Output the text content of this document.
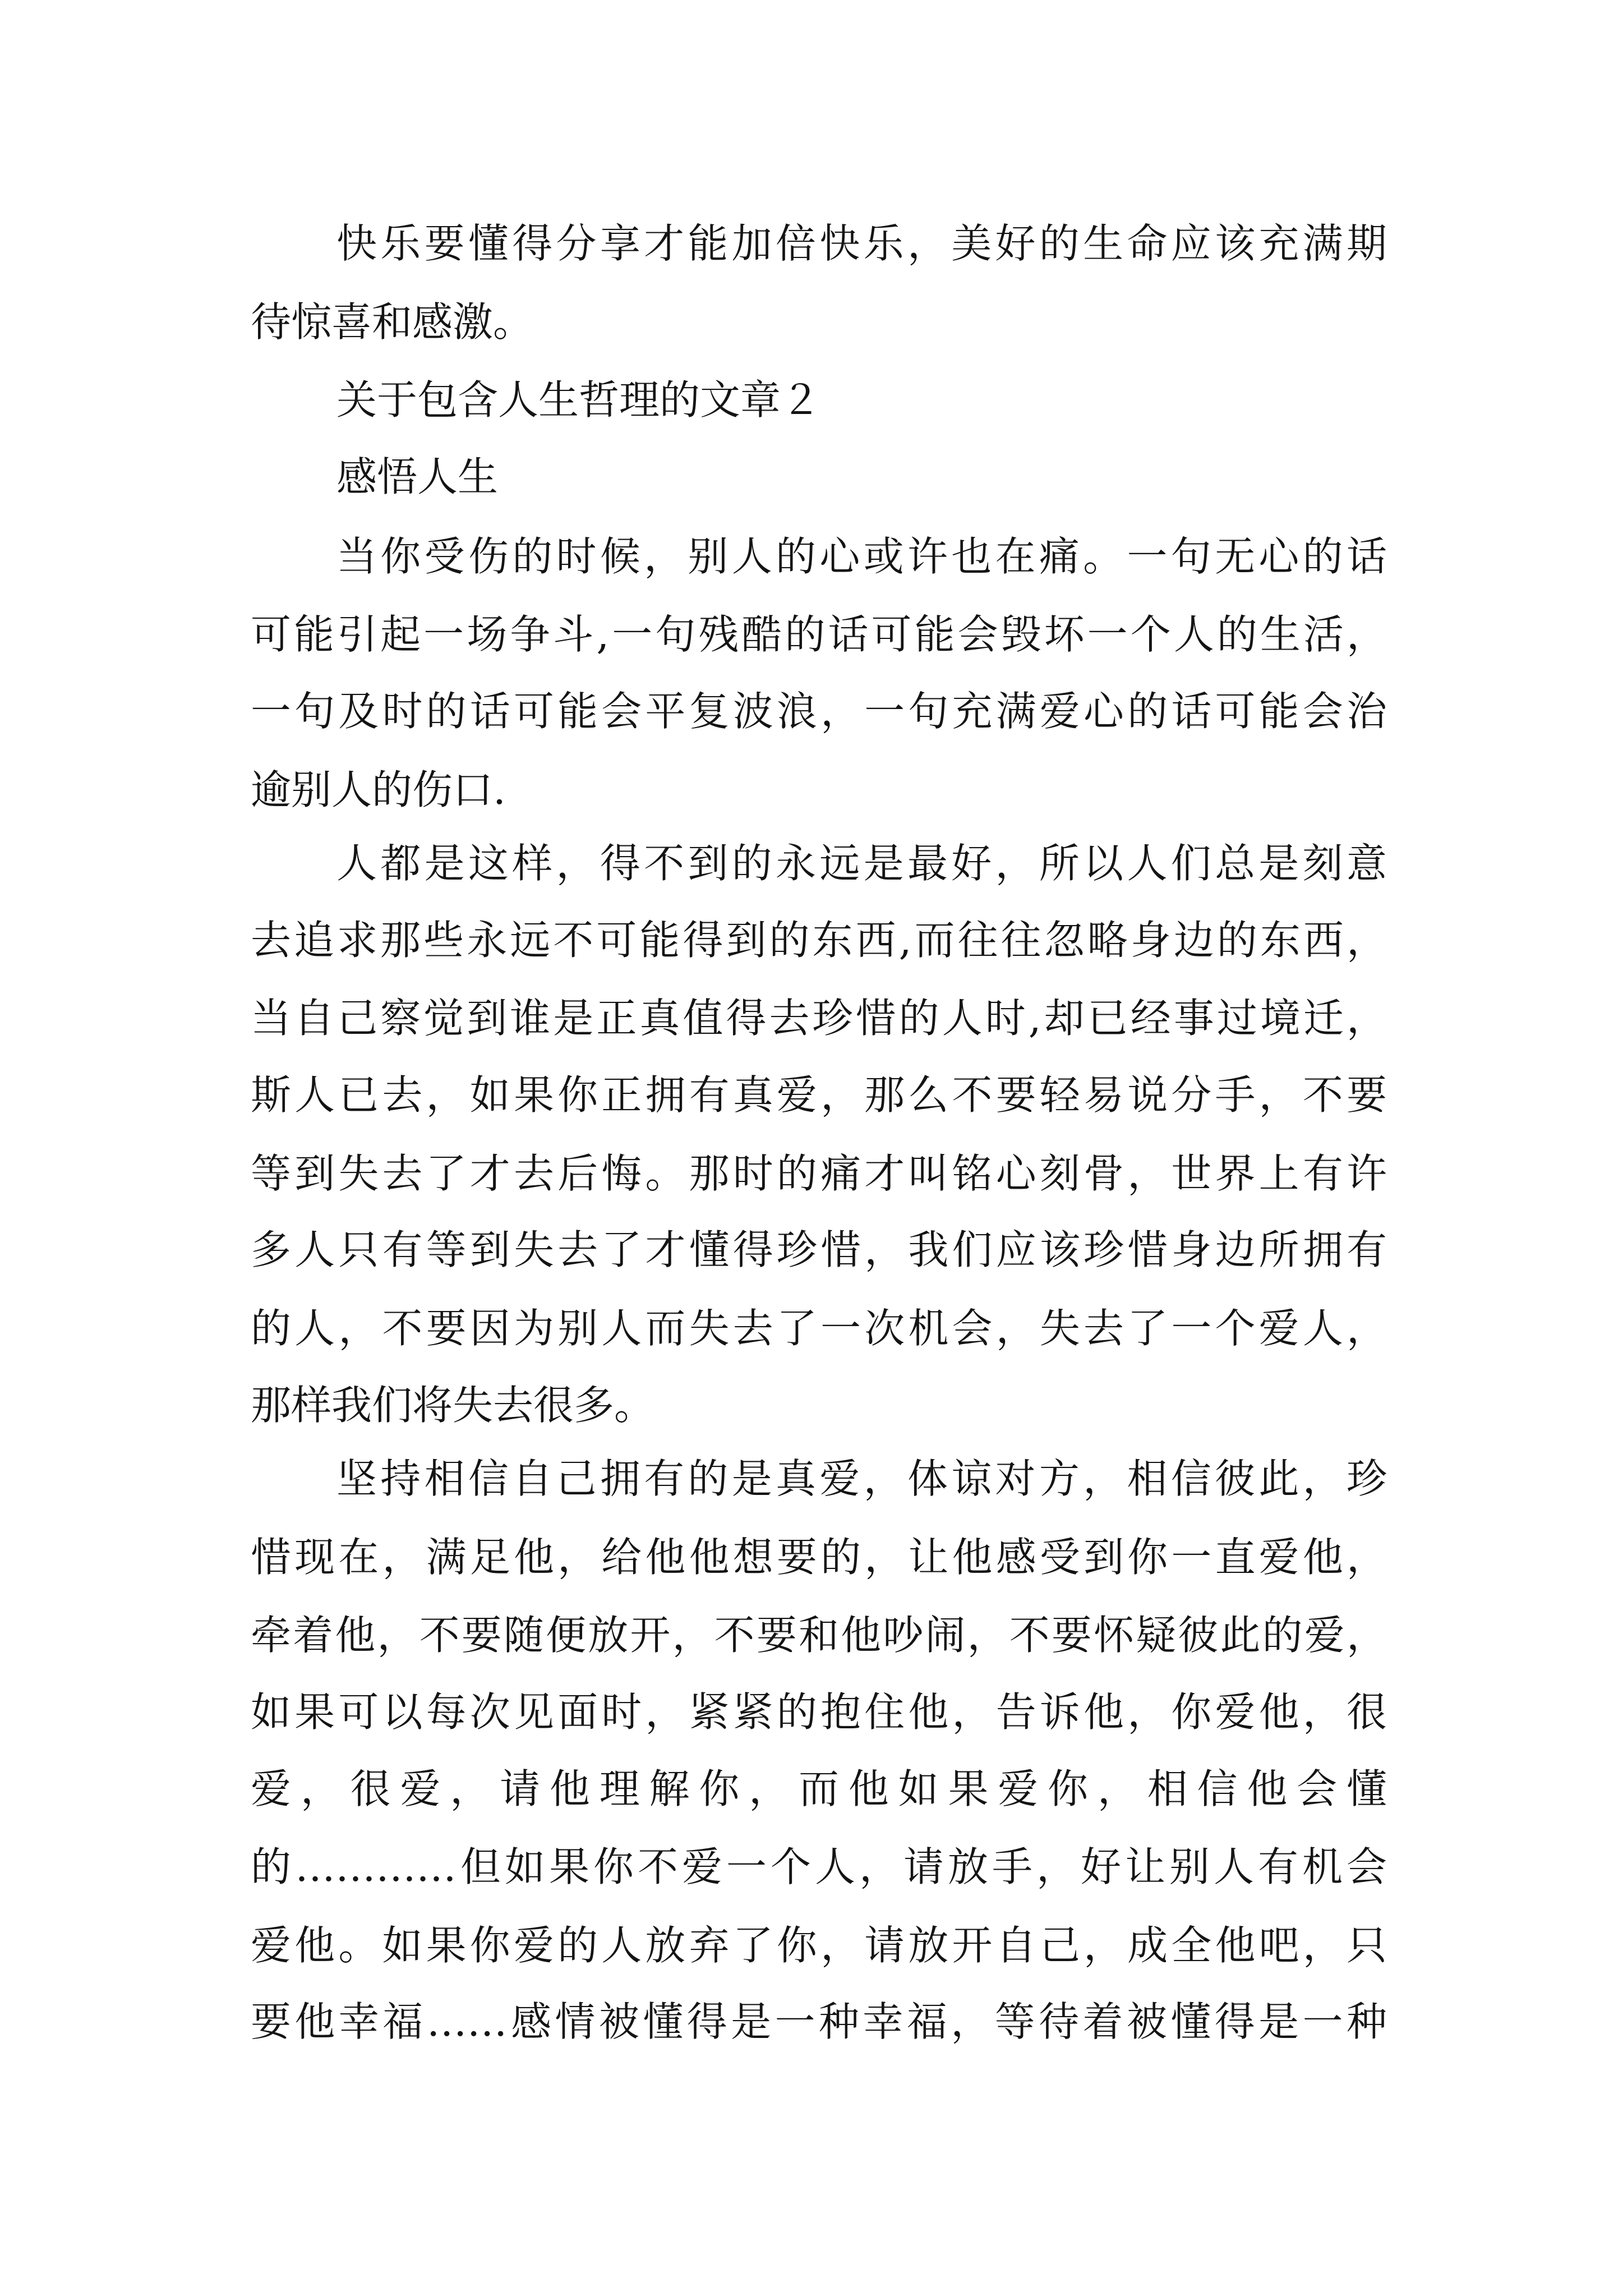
快乐要懂得分享才能加倍快乐，美好的生命应该充满期
待惊喜和感激。
关于包含人生哲理的文章２
感悟人生
当你受伤的时候，别人的心或许也在痛。一句无心的话
可能引起一场争斗,一句残酷的话可能会毁坏一个人的生活，
一句及时的话可能会平复波浪，一句充满爱心的话可能会治
逾别人的伤口.
人都是这样，得不到的永远是最好，所以人们总是刻意
去追求那些永远不可能得到的东西,而往往忽略身边的东西，
当自己察觉到谁是正真值得去珍惜的人时,却已经事过境迁，
斯人已去，如果你正拥有真爱，那么不要轻易说分手，不要
等到失去了才去后悔。那时的痛才叫铭心刻骨，世界上有许
多人只有等到失去了才懂得珍惜，我们应该珍惜身边所拥有
的人，不要因为别人而失去了一次机会，失去了一个爱人，
那样我们将失去很多。
坚持相信自己拥有的是真爱，体谅对方，相信彼此，珍
惜现在，满足他，给他他想要的，让他感受到你一直爱他，
牵着他，不要随便放开，不要和他吵闹，不要怀疑彼此的爱，
如果可以每次见面时，紧紧的抱住他，告诉他，你爱他，很
爱，很爱，请他理解你，而他如果爱你，相信他会懂
的…………但如果你不爱一个人，请放手，好让别人有机会
爱他。如果你爱的人放弃了你，请放开自己，成全他吧，只
要他幸福……感情被懂得是一种幸福，等待着被懂得是一种
